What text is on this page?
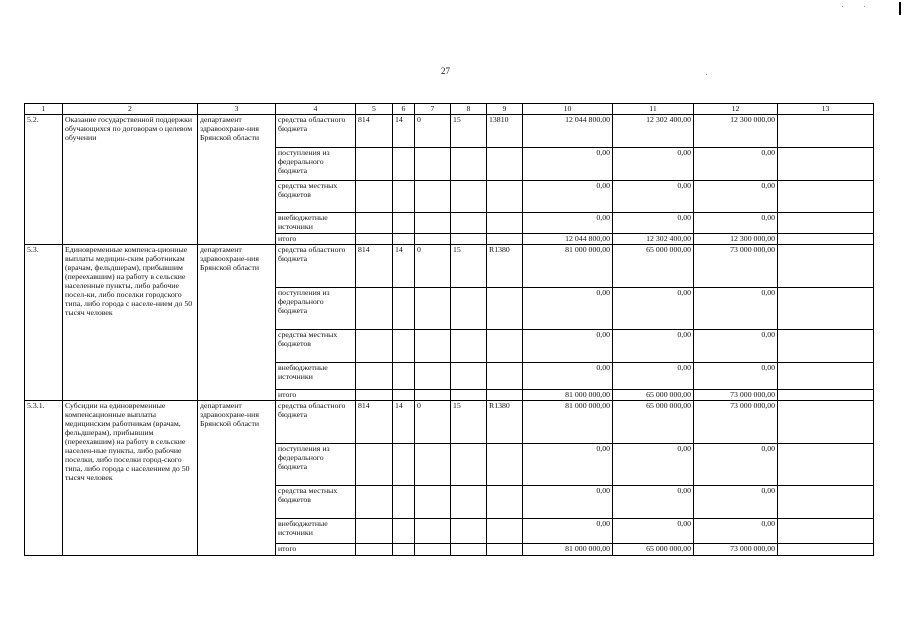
27
1	2	3	4	5	6	7	8	9	10	11	12	13
5.2.	Оказание государственной поддержки обучающихся по договорам о целевом обучении	департамент здравоохране-ния Брянской области	средства областного бюджета	814	14	0	15	13810	12 044 800,00	12 302 400,00	12 300 000,00	
			поступления из федерального бюджета						0,00	0,00	0,00	
			средства местных бюджетов						0,00	0,00	0,00	
			внебюджетные источники						0,00	0,00	0,00	
			итого						12 044 800,00	12 302 400,00	12 300 000,00	
5.3.	Единовременные компенса-ционные выплаты медицин-ским работникам (врачам, фельдшерам), прибывшим (переехавшим) на работу в сельские населенные пункты, либо рабочие посел-ки, либо поселки городского типа, либо города с населе-нием до 50 тысяч человек	департамент здравоохране-ния Брянской области	средства областного бюджета	814	14	0	15	R1380	81 000 000,00	65 000 000,00	73 000 000,00	
			поступления из федерального бюджета						0,00	0,00	0,00	
			средства местных бюджетов						0,00	0,00	0,00	
			внебюджетные источники						0,00	0,00	0,00	
			итого						81 000 000,00	65 000 000,00	73 000 000,00	
5.3.1.	Субсидии на единовременные компенсационные выплаты медицинским работникам (врачам, фельдшерам), прибывшим (переехавшим) на работу в сельские населен-ные пункты, либо рабочие поселки, либо поселки город-ского типа, либо города с населением до 50 тысяч человек	департамент здравоохране-ния Брянской области	средства областного бюджета	814	14	0	15	R1380	81 000 000,00	65 000 000,00	73 000 000,00	
			поступления из федерального бюджета						0,00	0,00	0,00	
			средства местных бюджетов						0,00	0,00	0,00	
			внебюджетные источники						0,00	0,00	0,00	
			итого						81 000 000,00	65 000 000,00	73 000 000,00	
